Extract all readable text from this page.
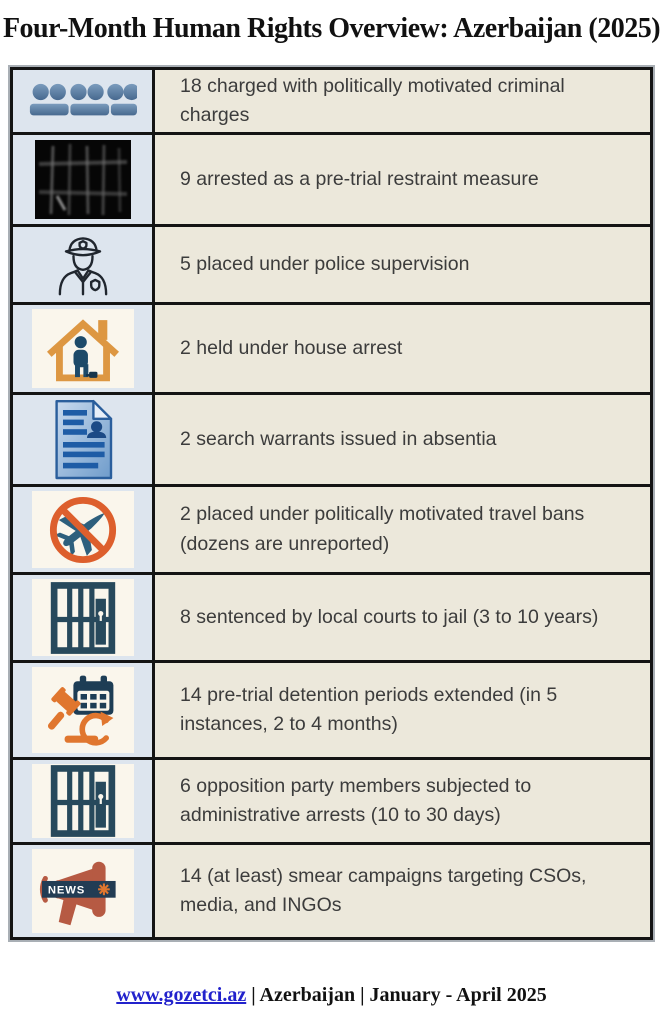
Four-Month Human Rights Overview: Azerbaijan (2025)
18 charged with politically motivated criminal charges
9 arrested as a pre-trial restraint measure
5 placed under police supervision
2 held under house arrest
2 search warrants issued in absentia
2 placed under politically motivated travel bans (dozens are unreported)
8 sentenced by local courts to jail (3 to 10 years)
14 pre-trial detention periods extended (in 5 instances, 2 to 4 months)
6 opposition party members subjected to administrative arrests (10 to 30 days)
NEWS
14 (at least) smear campaigns targeting CSOs, media, and INGOs
www.gozetci.az | Azerbaijan | January - April 2025
